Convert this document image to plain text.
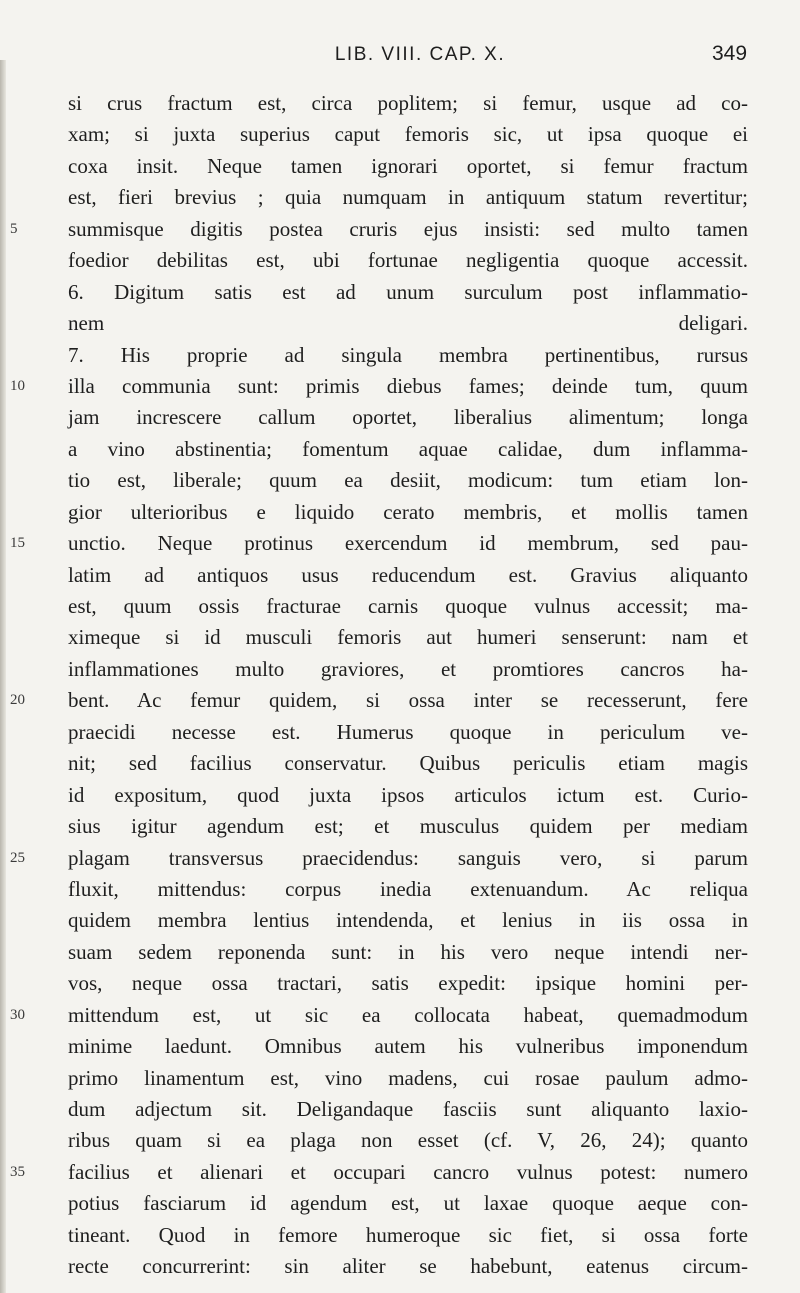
LIB. VIII. CAP. X.	349
si crus fractum est, circa poplitem; si femur, usque ad co-
xam; si juxta superius caput femoris sic, ut ipsa quoque ei
coxa insit. Neque tamen ignorari oportet, si femur fractum
est, fieri brevius ; quia numquam in antiquum statum revertitur;
5	summisque digitis postea cruris ejus insisti: sed multo tamen
foedior debilitas est, ubi fortunae negligentia quoque accessit.
6. Digitum satis est ad unum surculum post inflammatio-
nem deligari.
7. His proprie ad singula membra pertinentibus, rursus
10	illa communia sunt: primis diebus fames; deinde tum, quum
jam increscere callum oportet, liberalius alimentum; longa
a vino abstinentia; fomentum aquae calidae, dum inflamma-
tio est, liberale; quum ea desiit, modicum: tum etiam lon-
gior ulterioribus e liquido cerato membris, et mollis tamen
15	unctio. Neque protinus exercendum id membrum, sed pau-
latim ad antiquos usus reducendum est. Gravius aliquanto
est, quum ossis fracturae carnis quoque vulnus accessit; ma-
ximeque si id musculi femoris aut humeri senserunt: nam et
inflammationes multo graviores, et promtiores cancros ha-
20	bent. Ac femur quidem, si ossa inter se recesserunt, fere
praecidi necesse est. Humerus quoque in periculum ve-
nit; sed facilius conservatur. Quibus periculis etiam magis
id expositum, quod juxta ipsos articulos ictum est. Curio-
sius igitur agendum est; et musculus quidem per mediam
25	plagam transversus praecidendus: sanguis vero, si parum
fluxit, mittendus: corpus inedia extenuandum. Ac reliqua
quidem membra lentius intendenda, et lenius in iis ossa in
suam sedem reponenda sunt: in his vero neque intendi ner-
vos, neque ossa tractari, satis expedit: ipsique homini per-
30	mittendum est, ut sic ea collocata habeat, quemadmodum
minime laedunt. Omnibus autem his vulneribus imponendum
primo linamentum est, vino madens, cui rosae paulum admo-
dum adjectum sit. Deligandaque fasciis sunt aliquanto laxio-
ribus quam si ea plaga non esset (cf. V, 26, 24); quanto
35	facilius et alienari et occupari cancro vulnus potest: numero
potius fasciarum id agendum est, ut laxae quoque aeque con-
tineant. Quod in femore humeroque sic fiet, si ossa forte
recte concurrerint: sin aliter se habebunt, eatenus circum-
